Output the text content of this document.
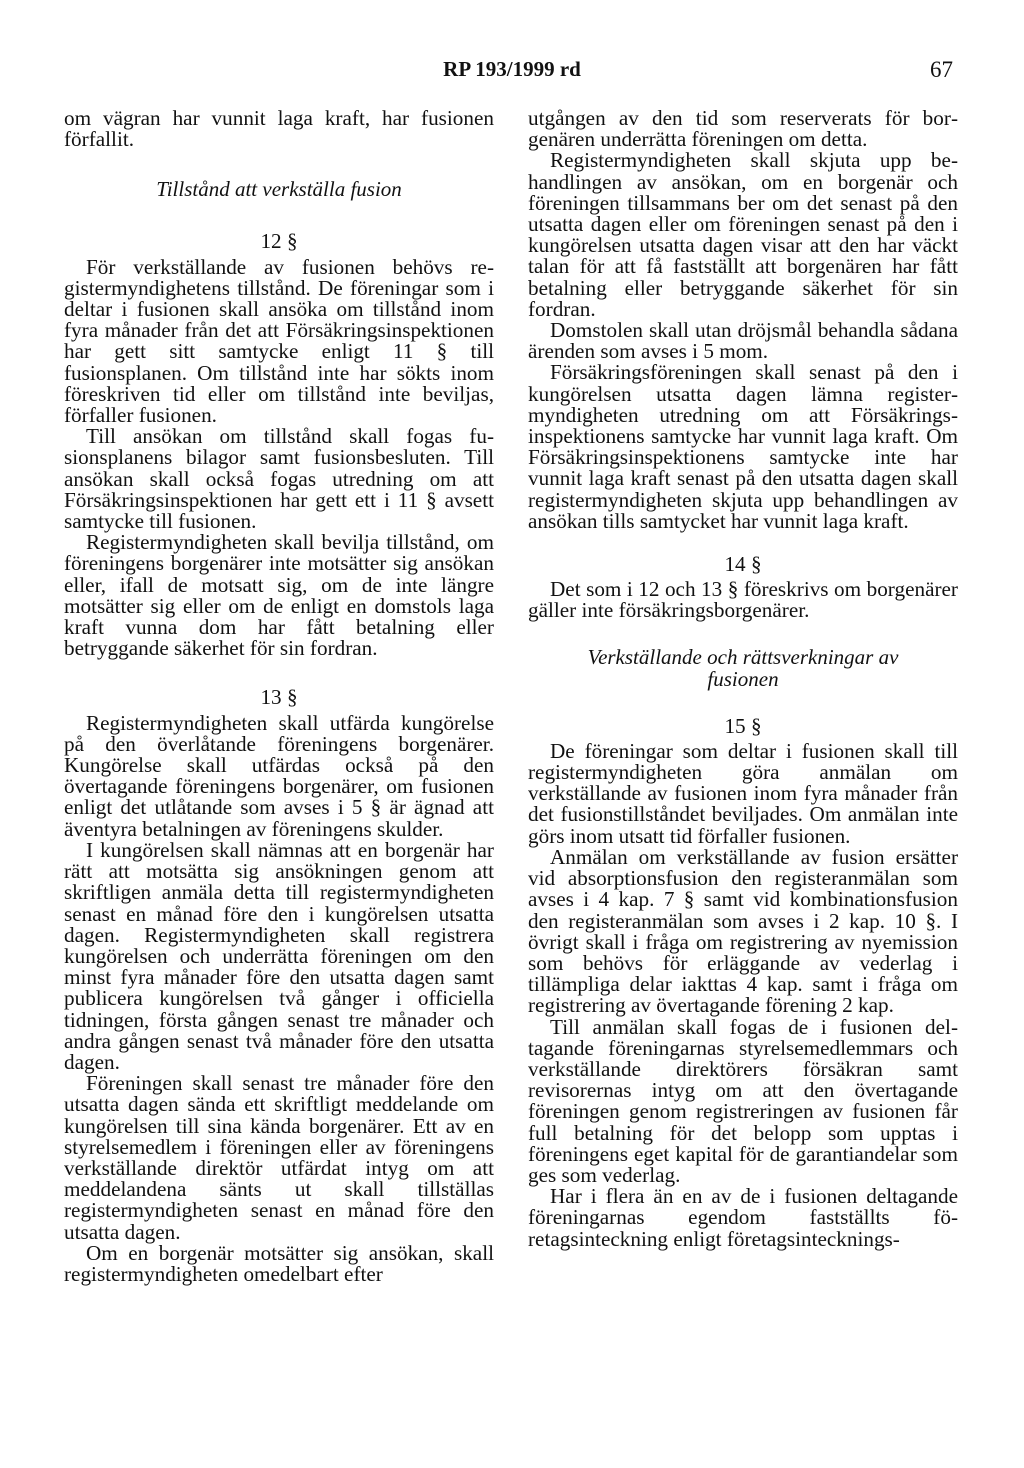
RP 193/1999 rd	67

om vägran har vunnit laga kraft, har fusionen förfallit.

Tillstånd att verkställa fusion
12 §

För verkställande av fusionen behövs registermyndighetens tillstånd. De föreningar som i deltar i fusionen skall ansöka om tillstånd inom fyra månader från det att Försäkringsinspektionen har gett sitt samtycke enligt 11 § till fusionsplanen. Om tillstånd inte har sökts inom föreskriven tid eller om tillstånd inte beviljas, förfaller fusionen.

Till ansökan om tillstånd skall fogas fusionsplanens bilagor samt fusionsbesluten. Till ansökan skall också fogas utredning om att Försäkringsinspektionen har gett ett i 11 § avsett samtycke till fusionen.

Registermyndigheten skall bevilja tillstånd, om föreningens borgenärer inte motsätter sig ansökan eller, ifall de motsatt sig, om de inte längre motsätter sig eller om de enligt en domstols laga kraft vunna dom har fått betalning eller betryggande säkerhet för sin fordran.

13 §

Registermyndigheten skall utfärda kungörelse på den överlåtande föreningens borgenärer. Kungörelse skall utfärdas också på den övertagande föreningens borgenärer, om fusionen enligt det utlåtande som avses i 5 § är ägnad att äventyra betalningen av föreningens skulder.

I kungörelsen skall nämnas att en borgenär har rätt att motsätta sig ansökningen genom att skriftligen anmäla detta till registermyndigheten senast en månad före den i kungörelsen utsatta dagen. Registermyndigheten skall registrera kungörelsen och underrätta föreningen om den minst fyra månader före den utsatta dagen samt publicera kungörelsen två gånger i officiella tidningen, första gången senast tre månader och andra gången senast två månader före den utsatta dagen.

Föreningen skall senast tre månader före den utsatta dagen sända ett skriftligt meddelande om kungörelsen till sina kända borgenärer. Ett av en styrelsemedlem i föreningen eller av föreningens verkställande direktör utfärdat intyg om att meddelandena sänts ut skall tillställas registermyndigheten senast en månad före den utsatta dagen.

Om en borgenär motsätter sig ansökan, skall registermyndigheten omedelbart efter

utgången av den tid som reserverats för borgenären underrätta föreningen om detta.

Registermyndigheten skall skjuta upp behandlingen av ansökan, om en borgenär och föreningen tillsammans ber om det senast på den utsatta dagen eller om föreningen senast på den i kungörelsen utsatta dagen visar att den har väckt talan för att få fastställt att borgenären har fått betalning eller betryggande säkerhet för sin fordran.

Domstolen skall utan dröjsmål behandla sådana ärenden som avses i 5 mom.

Försäkringsföreningen skall senast på den i kungörelsen utsatta dagen lämna registermyndigheten utredning om att Försäkringsinspektionens samtycke har vunnit laga kraft. Om Försäkringsinspektionens samtycke inte har vunnit laga kraft senast på den utsatta dagen skall registermyndigheten skjuta upp behandlingen av ansökan tills samtycket har vunnit laga kraft.

14 §

Det som i 12 och 13 § föreskrivs om borgenärer gäller inte försäkringsborgenärer.

Verkställande och rättsverkningar av fusionen
15 §

De föreningar som deltar i fusionen skall till registermyndigheten göra anmälan om verkställande av fusionen inom fyra månader från det fusionstillståndet beviljades. Om anmälan inte görs inom utsatt tid förfaller fusionen.

Anmälan om verkställande av fusion ersätter vid absorptionsfusion den registeranmälan som avses i 4 kap. 7 § samt vid kombinationsfusion den registeranmälan som avses i 2 kap. 10 §. I övrigt skall i fråga om registrering av nyemission som behövs för erläggande av vederlag i tillämpliga delar iakttas 4 kap. samt i fråga om registrering av övertagande förening 2 kap.

Till anmälan skall fogas de i fusionen deltagande föreningarnas styrelsemedlemmars och verkställande direktörers försäkran samt revisorernas intyg om att den övertagande föreningen genom registreringen av fusionen får full betalning för det belopp som upptas i föreningens eget kapital för de garantiandelar som ges som vederlag.

Har i flera än en av de i fusionen deltagande föreningarnas egendom fastställts företagsinteckning enligt företagsintecknings-
